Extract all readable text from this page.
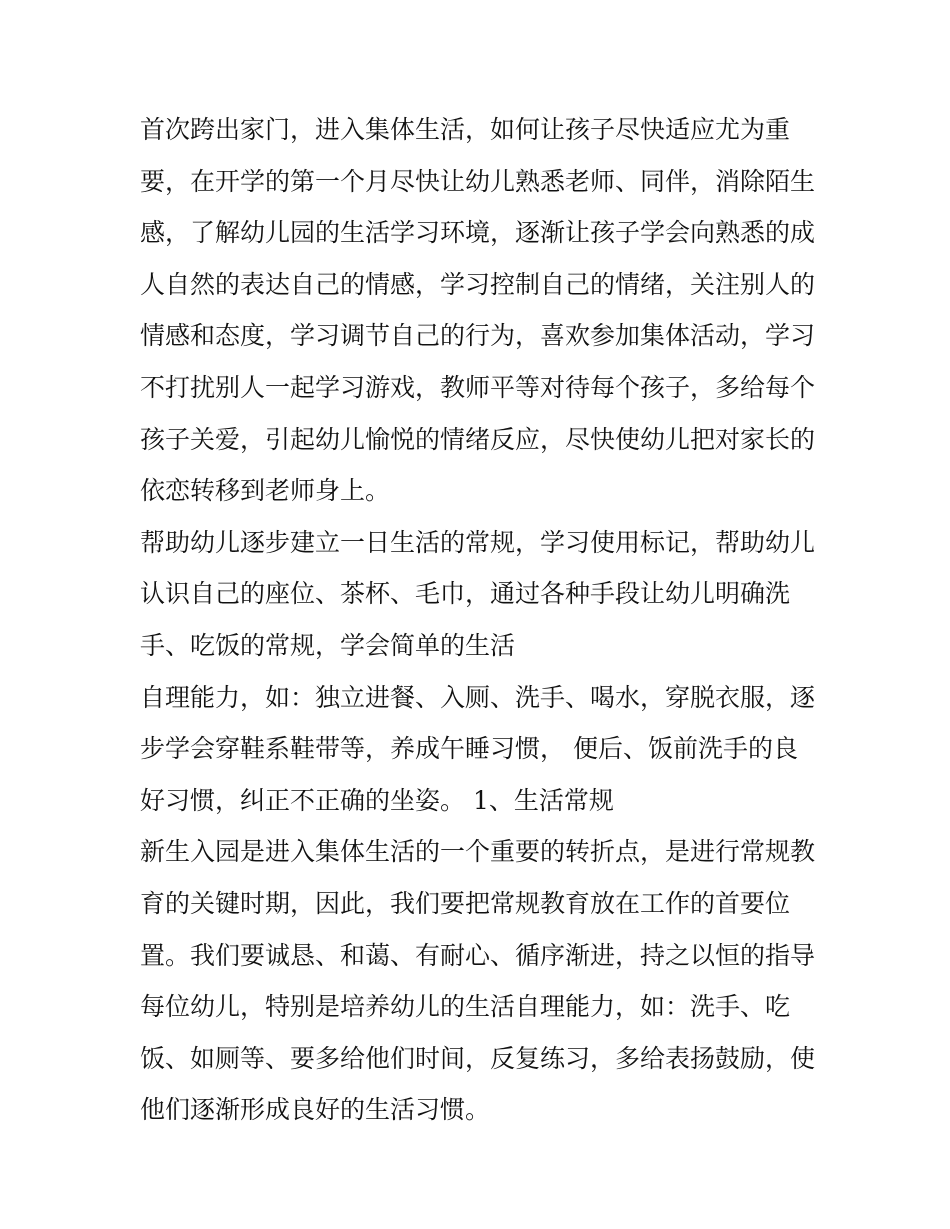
首次跨出家门，进入集体生活，如何让孩子尽快适应尤为重
要，在开学的第一个月尽快让幼儿熟悉老师、同伴，消除陌生
感，了解幼儿园的生活学习环境，逐渐让孩子学会向熟悉的成
人自然的表达自己的情感，学习控制自己的情绪，关注别人的
情感和态度，学习调节自己的行为，喜欢参加集体活动，学习
不打扰别人一起学习游戏，教师平等对待每个孩子，多给每个
孩子关爱，引起幼儿愉悦的情绪反应，尽快使幼儿把对家长的
依恋转移到老师身上。
帮助幼儿逐步建立一日生活的常规，学习使用标记，帮助幼儿
认识自己的座位、茶杯、毛巾，通过各种手段让幼儿明确洗
手、吃饭的常规，学会简单的生活
自理能力，如：独立进餐、入厕、洗手、喝水，穿脱衣服，逐
步学会穿鞋系鞋带等，养成午睡习惯， 便后、饭前洗手的良
好习惯，纠正不正确的坐姿。 1、生活常规
新生入园是进入集体生活的一个重要的转折点，是进行常规教
育的关键时期，因此，我们要把常规教育放在工作的首要位
置。我们要诚恳、和蔼、有耐心、循序渐进，持之以恒的指导
每位幼儿，特别是培养幼儿的生活自理能力，如：洗手、吃
饭、如厕等、要多给他们时间，反复练习，多给表扬鼓励，使
他们逐渐形成良好的生活习惯。
